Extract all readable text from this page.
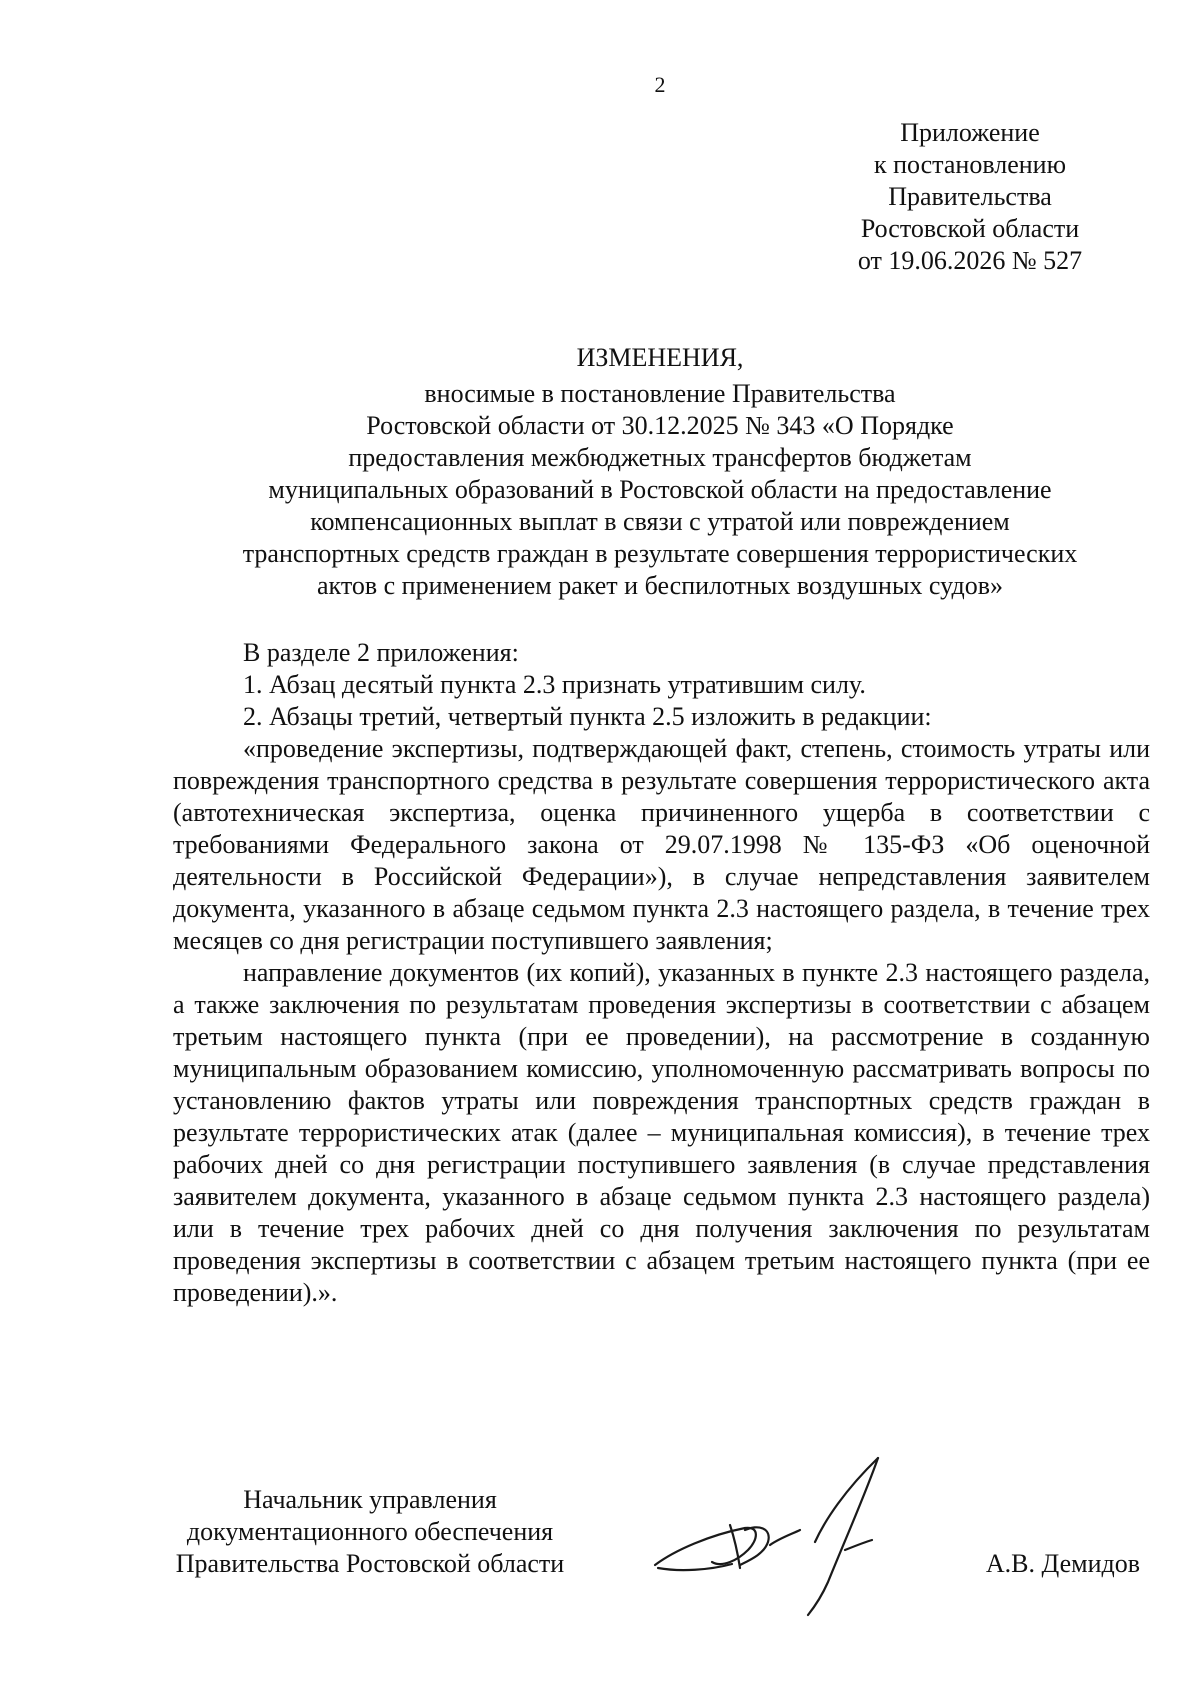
2
Приложение
к постановлению
Правительства
Ростовской области
от 19.06.2026 № 527
ИЗМЕНЕНИЯ,
вносимые в постановление Правительства
Ростовской области от 30.12.2025 № 343 «О Порядке
предоставления межбюджетных трансфертов бюджетам
муниципальных образований в Ростовской области на предоставление
компенсационных выплат в связи с утратой или повреждением
транспортных средств граждан в результате совершения террористических
актов с применением ракет и беспилотных воздушных судов»

В разделе 2 приложения:

1. Абзац десятый пункта 2.3 признать утратившим силу.

2. Абзацы третий, четвертый пункта 2.5 изложить в редакции:

«проведение экспертизы, подтверждающей факт, степень, стоимость утраты или повреждения транспортного средства в результате совершения террористического акта (автотехническая экспертиза, оценка причиненного ущерба в соответствии с требованиями Федерального закона от 29.07.1998 № 135-ФЗ «Об оценочной деятельности в Российской Федерации»), в случае непредставления заявителем документа, указанного в абзаце седьмом пункта 2.3 настоящего раздела, в течение трех месяцев со дня регистрации поступившего заявления;

направление документов (их копий), указанных в пункте 2.3 настоящего раздела, а также заключения по результатам проведения экспертизы в соответствии с абзацем третьим настоящего пункта (при ее проведении), на рассмотрение в созданную муниципальным образованием комиссию, уполномоченную рассматривать вопросы по установлению фактов утраты или повреждения транспортных средств граждан в результате террористических атак (далее – муниципальная комиссия), в течение трех рабочих дней со дня регистрации поступившего заявления (в случае представления заявителем документа, указанного в абзаце седьмом пункта 2.3 настоящего раздела) или в течение трех рабочих дней со дня получения заключения по результатам проведения экспертизы в соответствии с абзацем третьим настоящего пункта (при ее проведении).».

Начальник управления
документационного обеспечения
Правительства Ростовской области	А.В. Демидов
